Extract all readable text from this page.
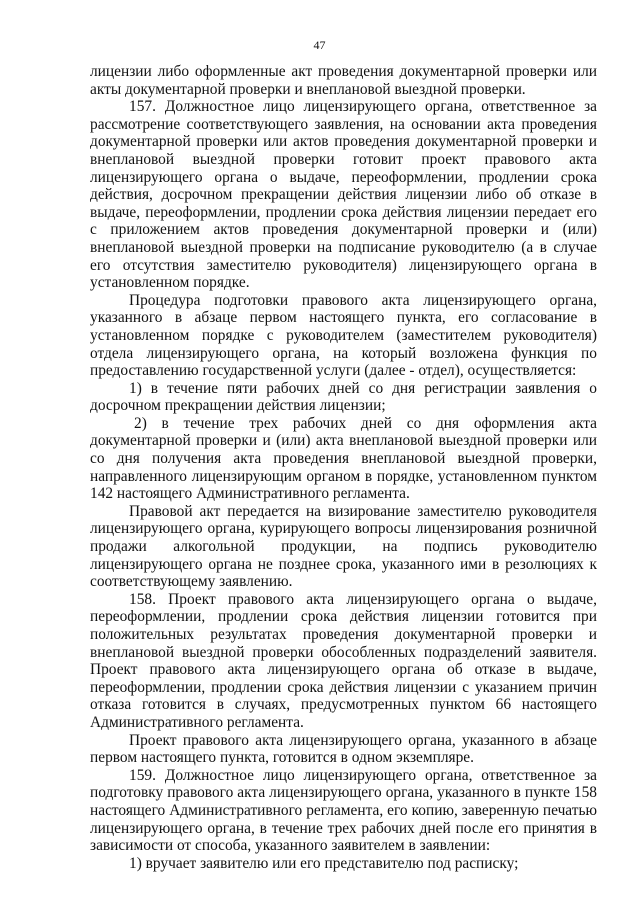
47

лицензии либо оформленные акт проведения документарной проверки или акты документарной проверки и внеплановой выездной проверки.

157. Должностное лицо лицензирующего органа, ответственное за рассмотрение соответствующего заявления, на основании акта проведения документарной проверки или актов проведения документарной проверки и внеплановой выездной проверки готовит проект правового акта лицензирующего органа о выдаче, переоформлении, продлении срока действия, досрочном прекращении действия лицензии либо об отказе в выдаче, переоформлении, продлении срока действия лицензии передает его с приложением актов проведения документарной проверки и (или) внеплановой выездной проверки на подписание руководителю (а в случае его отсутствия заместителю руководителя) лицензирующего органа в установленном порядке.

Процедура подготовки правового акта лицензирующего органа, указанного в абзаце первом настоящего пункта, его согласование в установленном порядке с руководителем (заместителем руководителя) отдела лицензирующего органа, на который возложена функция по предоставлению государственной услуги (далее - отдел), осуществляется:

1) в течение пяти рабочих дней со дня регистрации заявления о досрочном прекращении действия лицензии;

2) в течение трех рабочих дней со дня оформления акта документарной проверки и (или) акта внеплановой выездной проверки или со дня получения акта проведения внеплановой выездной проверки, направленного лицензирующим органом в порядке, установленном пунктом 142 настоящего Административного регламента.

Правовой акт передается на визирование заместителю руководителя лицензирующего органа, курирующего вопросы лицензирования розничной продажи алкогольной продукции, на подпись руководителю лицензирующего органа не позднее срока, указанного ими в резолюциях к соответствующему заявлению.

158. Проект правового акта лицензирующего органа о выдаче, переоформлении, продлении срока действия лицензии готовится при положительных результатах проведения документарной проверки и внеплановой выездной проверки обособленных подразделений заявителя. Проект правового акта лицензирующего органа об отказе в выдаче, переоформлении, продлении срока действия лицензии с указанием причин отказа готовится в случаях, предусмотренных пунктом 66 настоящего Административного регламента.

Проект правового акта лицензирующего органа, указанного в абзаце первом настоящего пункта, готовится в одном экземпляре.

159. Должностное лицо лицензирующего органа, ответственное за подготовку правового акта лицензирующего органа, указанного в пункте 158 настоящего Административного регламента, его копию, заверенную печатью лицензирующего органа, в течение трех рабочих дней после его принятия в зависимости от способа, указанного заявителем в заявлении:

1) вручает заявителю или его представителю под расписку;
